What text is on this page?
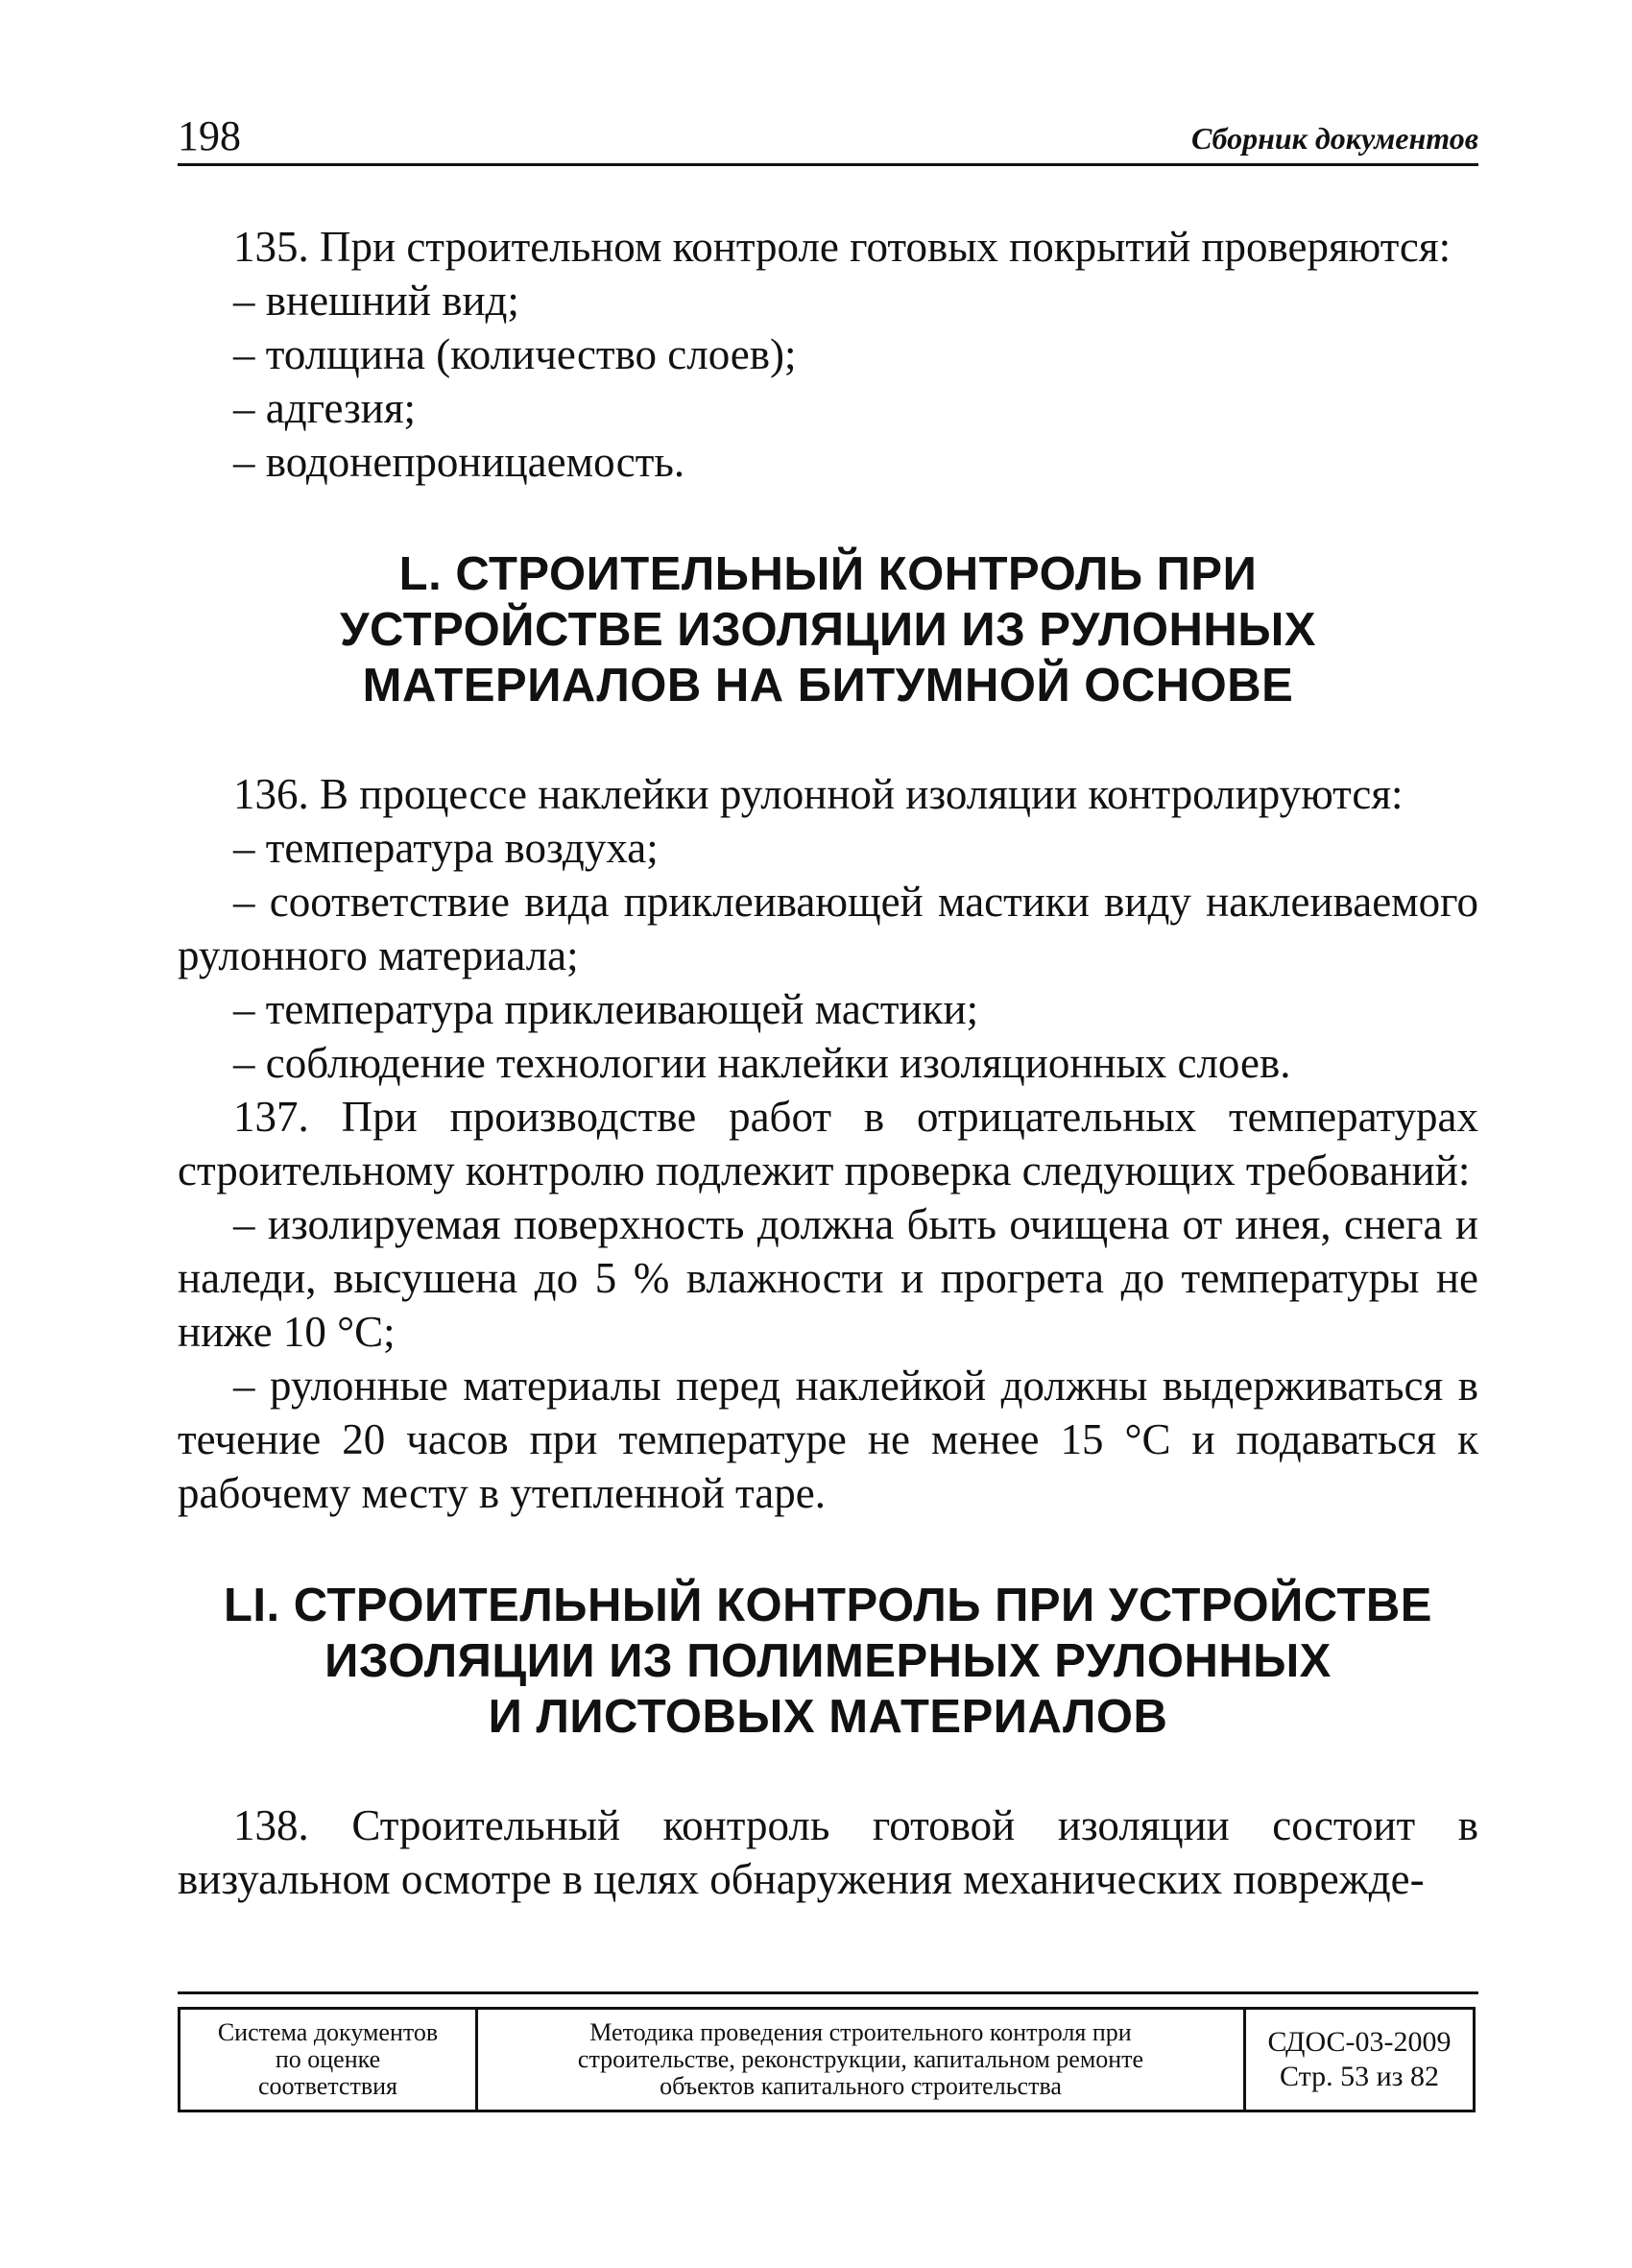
198	Сборник документов

135. При строительном контроле готовых покрытий проверяются:

– внешний вид;

– толщина (количество слоев);

– адгезия;

– водонепроницаемость.

L. СТРОИТЕЛЬНЫЙ КОНТРОЛЬ ПРИ
УСТРОЙСТВЕ ИЗОЛЯЦИИ ИЗ РУЛОННЫХ
МАТЕРИАЛОВ НА БИТУМНОЙ ОСНОВЕ

136. В процессе наклейки рулонной изоляции контролируются:

– температура воздуха;

– соответствие вида приклеивающей мастики виду наклеиваемого рулонного материала;

– температура приклеивающей мастики;

– соблюдение технологии наклейки изоляционных слоев.

137. При производстве работ в отрицательных температурах строительному контролю подлежит проверка следующих требований:

– изолируемая поверхность должна быть очищена от инея, снега и наледи, высушена до 5 % влажности и прогрета до температуры не ниже 10 °С;

– рулонные материалы перед наклейкой должны выдерживаться в течение 20 часов при температуре не менее 15 °С и подаваться к рабочему месту в утепленной таре.

LI. СТРОИТЕЛЬНЫЙ КОНТРОЛЬ ПРИ УСТРОЙСТВЕ
ИЗОЛЯЦИИ ИЗ ПОЛИМЕРНЫХ РУЛОННЫХ
И ЛИСТОВЫХ МАТЕРИАЛОВ

138. Строительный контроль готовой изоляции состоит в визуальном осмотре в целях обнаружения механических поврежде-

Система документов
по оценке
соответствия
Методика проведения строительного контроля при
строительстве, реконструкции, капитальном ремонте
объектов капитального строительства
СДОС-03-2009
Стр. 53 из 82
